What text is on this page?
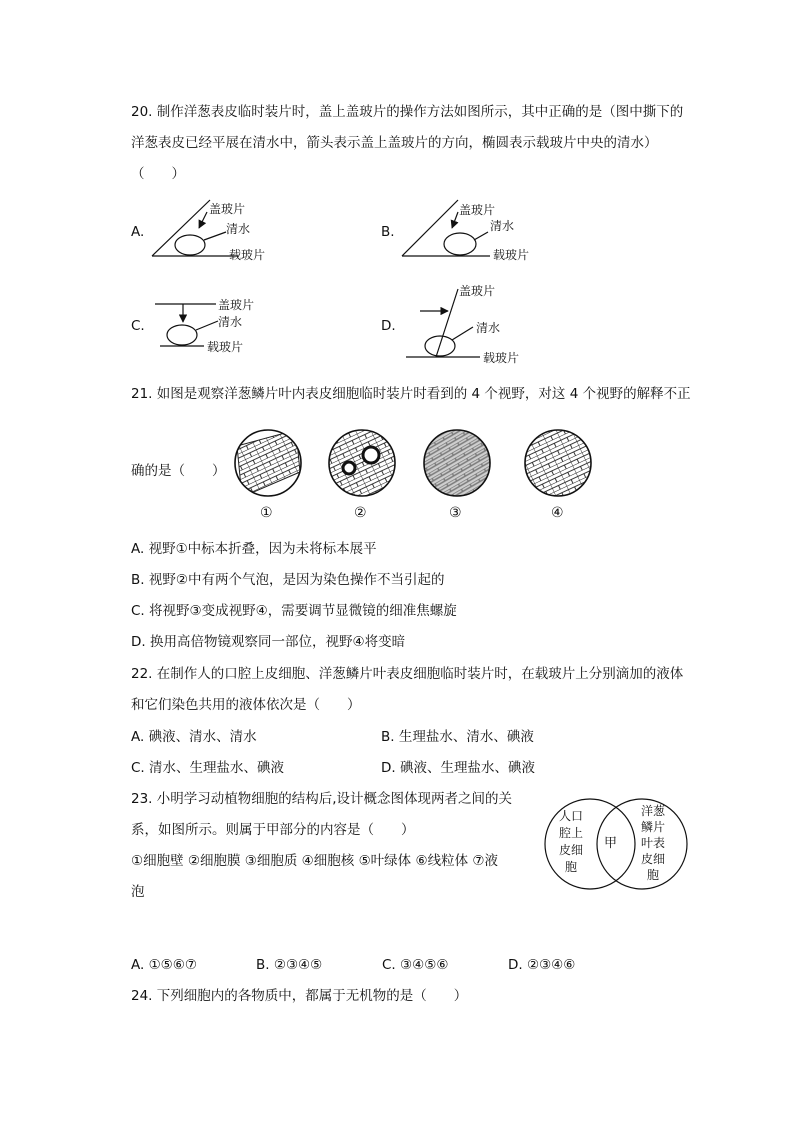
20. 制作洋葱表皮临时装片时，盖上盖玻片的操作方法如图所示，其中正确的是（图中撕下的
洋葱表皮已经平展在清水中，箭头表示盖上盖玻片的方向，椭圆表示载玻片中央的清水）
（　　）
A.
盖玻片
清水
载玻片
B.
盖玻片
清水
载玻片
C.
盖玻片
清水
载玻片
D.
盖玻片
清水
载玻片
21. 如图是观察洋葱鳞片叶内表皮细胞临时装片时看到的 4 个视野，对这 4 个视野的解释不正
确的是（　　）
①	②	③	④
A. 视野①中标本折叠，因为未将标本展平
B. 视野②中有两个气泡，是因为染色操作不当引起的
C. 将视野③变成视野④，需要调节显微镜的细准焦螺旋
D. 换用高倍物镜观察同一部位，视野④将变暗
22. 在制作人的口腔上皮细胞、洋葱鳞片叶表皮细胞临时装片时，在载玻片上分别滴加的液体
和它们染色共用的液体依次是（　　）
A. 碘液、清水、清水	B. 生理盐水、清水、碘液
C. 清水、生理盐水、碘液	D. 碘液、生理盐水、碘液
23. 小明学习动植物细胞的结构后,设计概念图体现两者之间的关
系，如图所示。则属于甲部分的内容是（　　）
①细胞壁 ②细胞膜 ③细胞质 ④细胞核 ⑤叶绿体 ⑥线粒体 ⑦液
泡
人口
腔上
皮细
胞
甲
洋葱
鳞片
叶表
皮细
胞
A. ①⑤⑥⑦	B. ②③④⑤	C. ③④⑤⑥	D. ②③④⑥
24. 下列细胞内的各物质中，都属于无机物的是（　　）
